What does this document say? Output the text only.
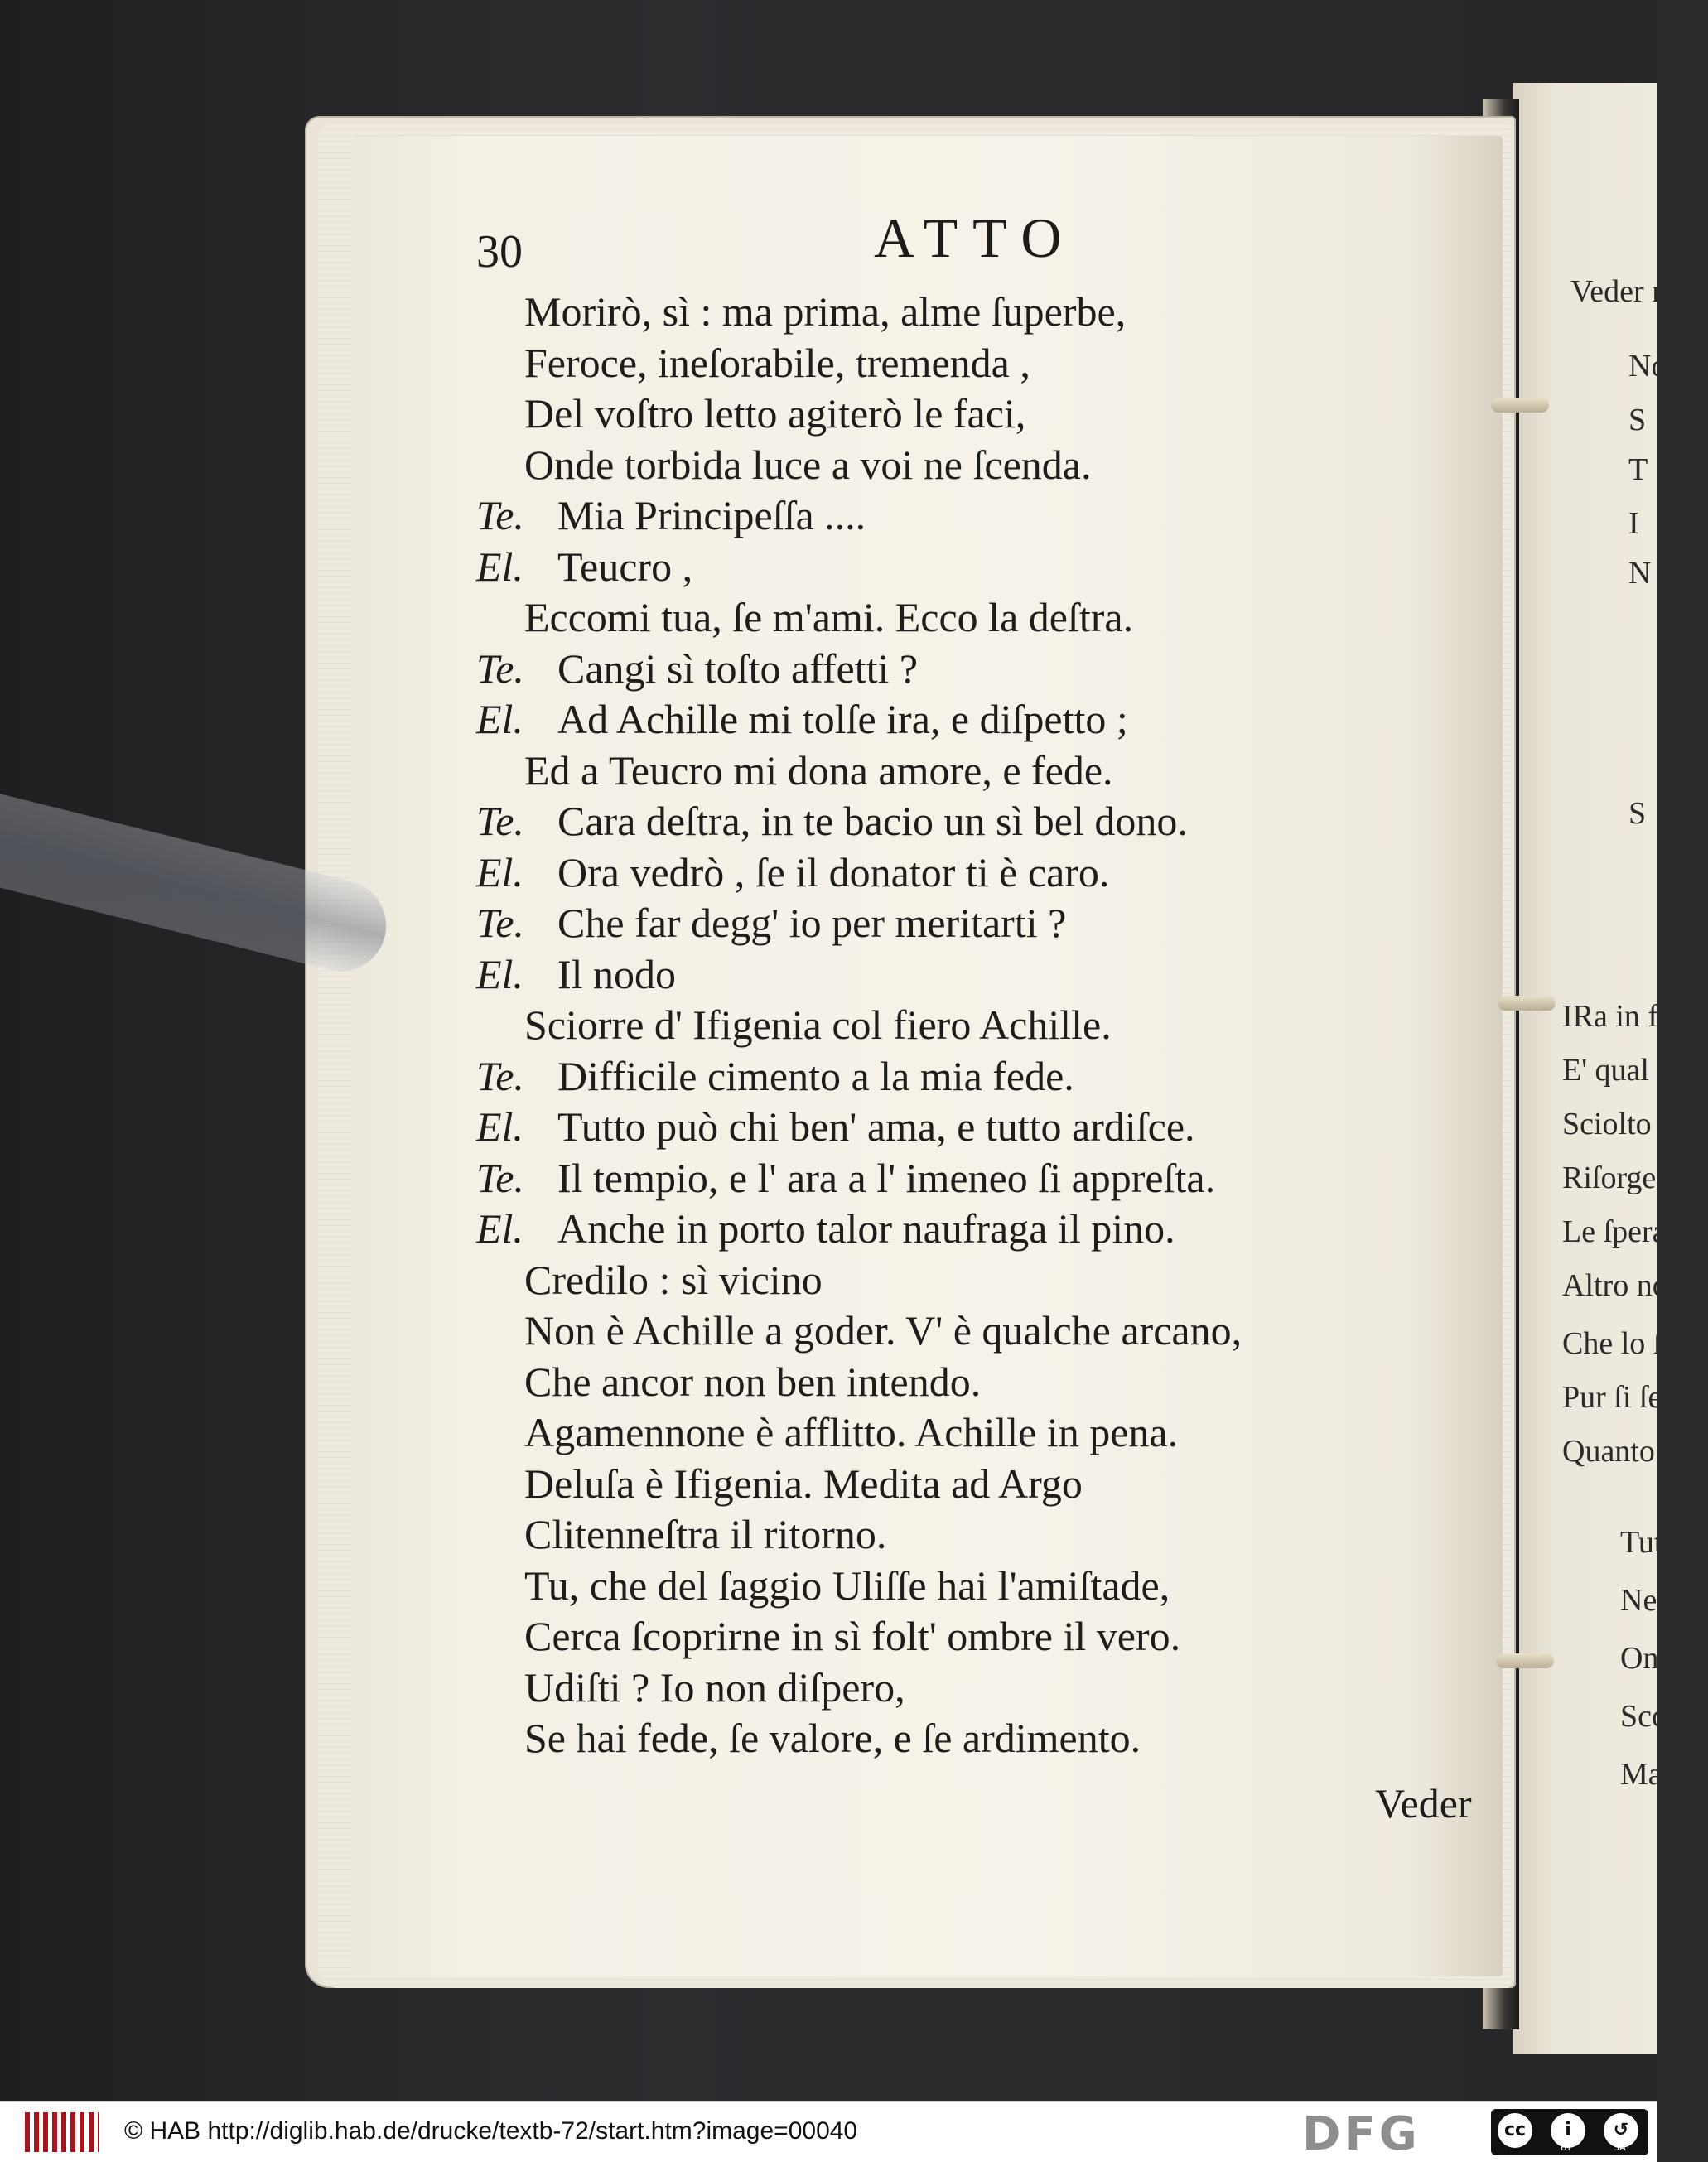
Veder m
No
S
T
I
N
S
IRa in fem
E' qual ſpur
Sciolto a g
Riſorgeran
Le ſperan
Altro non
Che lo ſpre
Pur ſi ſerva
Quanto l' o
Tutt
Ne
Onc
Scor
Ma c
30	ATTO
Morirò, sì : ma prima, alme ſuperbe,
Feroce, ineſorabile, tremenda ,
Del voſtro letto agiterò le faci,
Onde torbida luce a voi ne ſcenda.
Te. Mia Principeſſa ....
El. Teucro ,
Eccomi tua, ſe m'ami. Ecco la deſtra.
Te. Cangi sì toſto affetti ?
El. Ad Achille mi tolſe ira, e diſpetto ;
Ed a Teucro mi dona amore, e fede.
Te. Cara deſtra, in te bacio un sì bel dono.
El. Ora vedrò , ſe il donator ti è caro.
Te. Che far degg' io per meritarti ?
El. Il nodo
Sciorre d' Ifigenia col fiero Achille.
Te. Difficile cimento a la mia fede.
El. Tutto può chi ben' ama, e tutto ardiſce.
Te. Il tempio, e l' ara a l' imeneo ſi appreſta.
El. Anche in porto talor naufraga il pino.
Credilo : sì vicino
Non è Achille a goder. V' è qualche arcano,
Che ancor non ben intendo.
Agamennone è afflitto. Achille in pena.
Deluſa è Ifigenia. Medita ad Argo
Clitenneſtra il ritorno.
Tu, che del ſaggio Uliſſe hai l'amiſtade,
Cerca ſcoprirne in sì folt' ombre il vero.
Udiſti ? Io non diſpero,
Se hai fede, ſe valore, e ſe ardimento.
Veder
© HAB http://diglib.hab.de/drucke/textb-72/start.htm?image=00040	DFG	cc	i	↺
BY	SA
